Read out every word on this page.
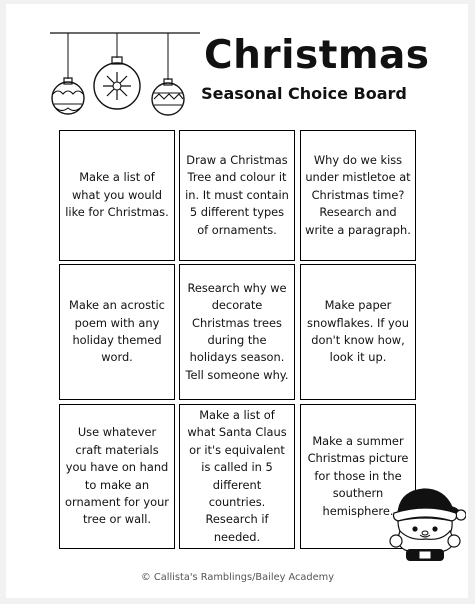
Christmas
Seasonal Choice Board
Make a list of what you would like for Christmas.
Draw a Christmas Tree and colour it in. It must contain 5 different types of ornaments.
Why do we kiss under mistletoe at Christmas time? Research and write a paragraph.
Make an acrostic poem with any holiday themed word.
Research why we decorate Christmas trees during the holidays season. Tell someone why.
Make paper snowflakes. If you don't know how, look it up.
Use whatever craft materials you have on hand to make an ornament for your tree or wall.
Make a list of what Santa Claus or it's equivalent is called in 5 different countries. Research if needed.
Make a summer Christmas picture for those in the southern hemisphere.
© Callista's Ramblings/Bailey Academy
